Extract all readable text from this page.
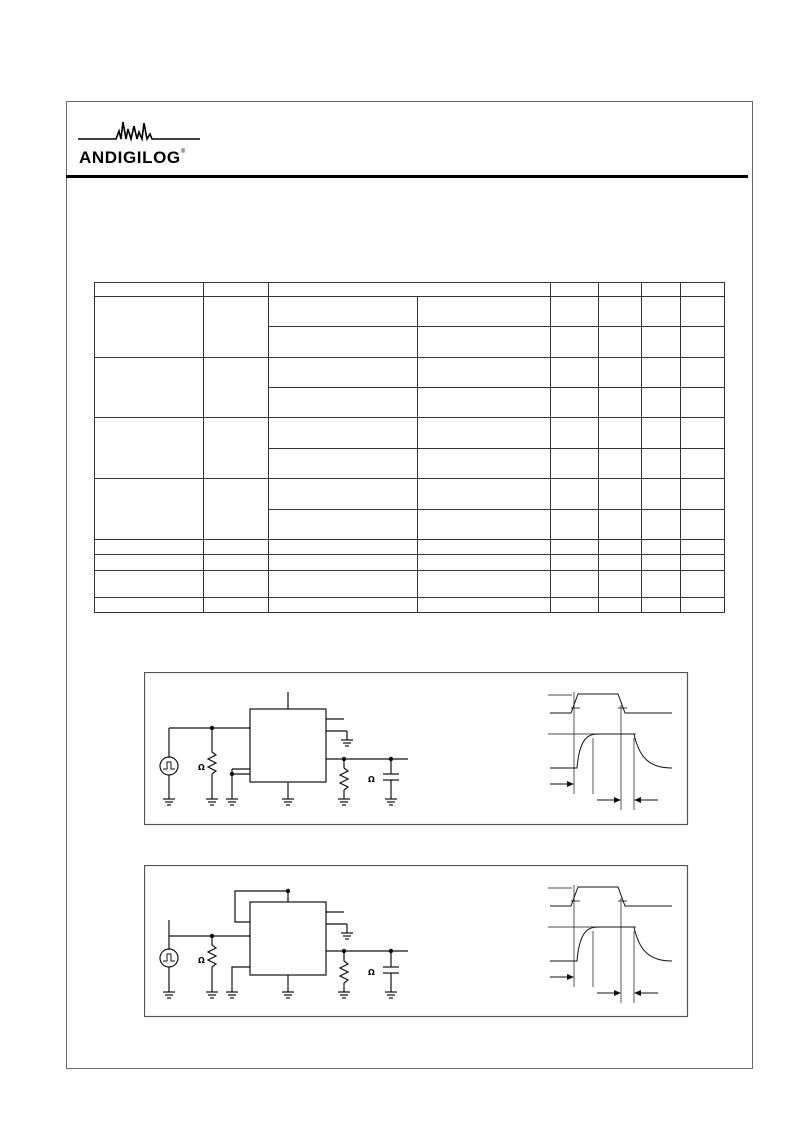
ANDIGILOG®
Ω
Ω
Ω
Ω
